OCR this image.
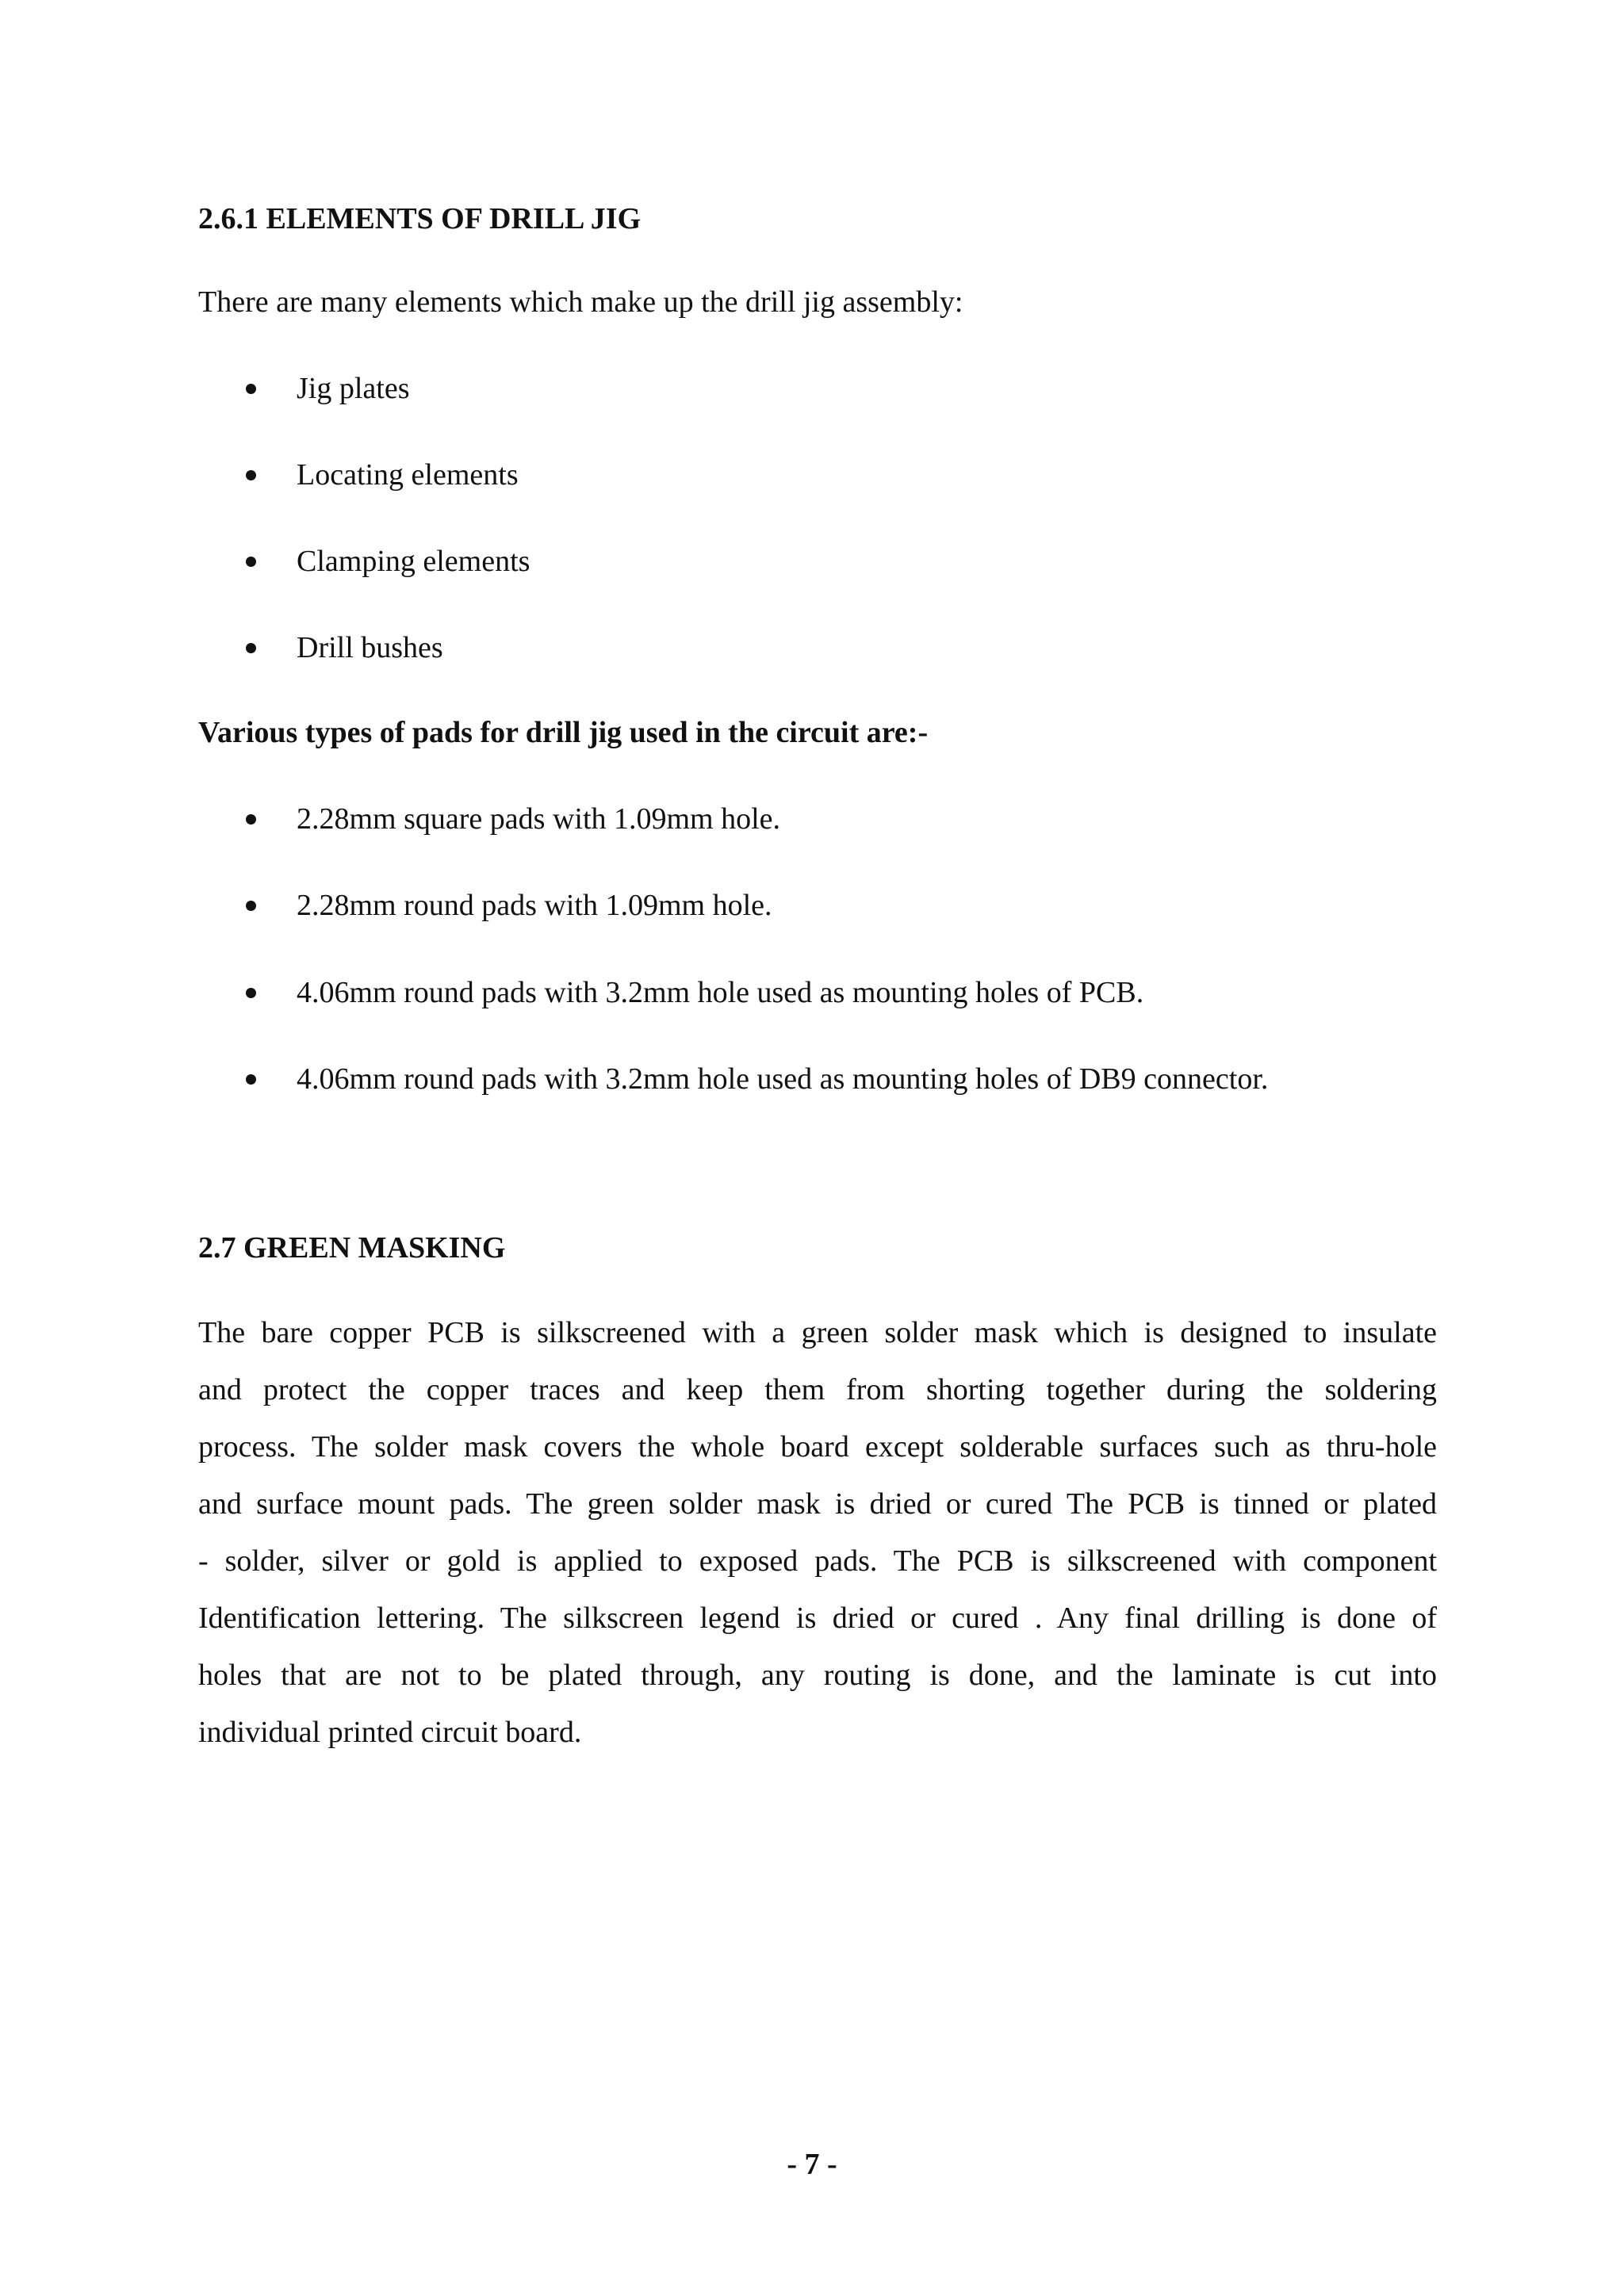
2.6.1 ELEMENTS OF DRILL JIG
There are many elements which make up the drill jig assembly:
Jig plates
Locating elements
Clamping elements
Drill bushes
Various types of pads for drill jig used in the circuit are:-
2.28mm square pads with 1.09mm hole.
2.28mm round pads with 1.09mm hole.
4.06mm round pads with 3.2mm hole used as mounting holes of PCB.
4.06mm round pads with 3.2mm hole used as mounting holes of DB9 connector.
2.7 GREEN MASKING
The bare copper PCB is silkscreened with a green solder mask which is designed to insulate
and protect the copper traces and keep them from shorting together during the soldering
process. The solder mask covers the whole board except solderable surfaces such as thru-hole
and surface mount pads. The green solder mask is dried or cured The PCB is tinned or plated
- solder, silver or gold is applied to exposed pads. The PCB is silkscreened with component
Identification lettering. The silkscreen legend is dried or cured . Any final drilling is done of
holes that are not to be plated through, any routing is done, and the laminate is cut into
individual printed circuit board.
- 7 -
